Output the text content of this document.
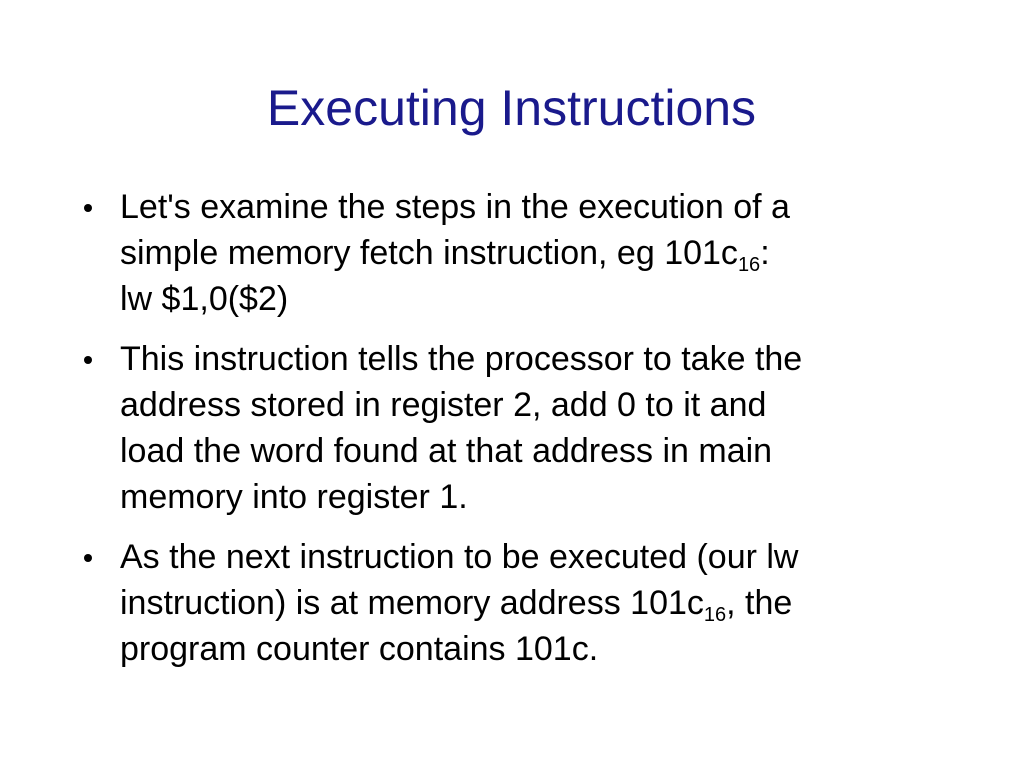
Executing Instructions
Let's examine the steps in the execution of a
simple memory fetch instruction, eg $101c_{16}$:
lw $1,0($2)
This instruction tells the processor to take the
address stored in register 2, add 0 to it and
load the word found at that address in main
memory into register 1.
As the next instruction to be executed (our lw
instruction) is at memory address $101c_{16}$, the
program counter contains 101c.
